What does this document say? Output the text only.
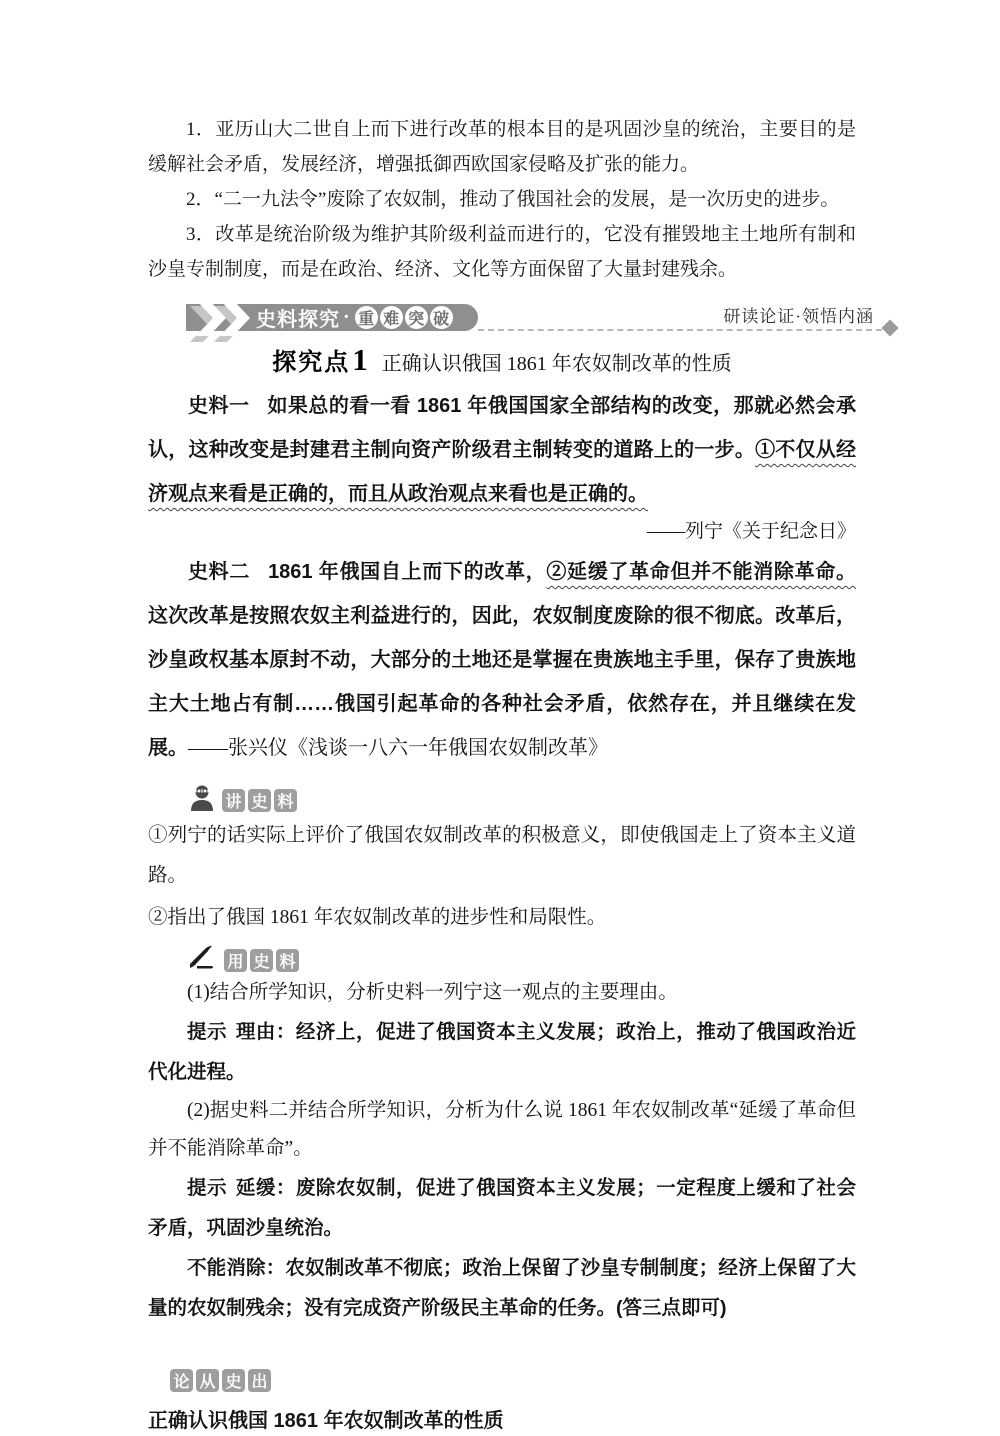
1．亚历山大二世自上而下进行改革的根本目的是巩固沙皇的统治，主要目的是缓解社会矛盾，发展经济，增强抵御西欧国家侵略及扩张的能力。

2．“二一九法令”废除了农奴制，推动了俄国社会的发展，是一次历史的进步。

3．改革是统治阶级为维护其阶级利益而进行的，它没有摧毁地主土地所有制和沙皇专制制度，而是在政治、经济、文化等方面保留了大量封建残余。

史料探究 · 重 难 突 破	研读论证·领悟内涵
探究点1 正确认识俄国 1861 年农奴制改革的性质

史料一 如果总的看一看 1861 年俄国国家全部结构的改变，那就必然会承认，这种改变是封建君主制向资产阶级君主制转变的道路上的一步。①不仅从经济观点来看是正确的，而且从政治观点来看也是正确的。

——列宁《关于纪念日》

史料二 1861 年俄国自上而下的改革，②延缓了革命但并不能消除革命。这次改革是按照农奴主利益进行的，因此，农奴制度废除的很不彻底。改革后，沙皇政权基本原封不动，大部分的土地还是掌握在贵族地主手里，保存了贵族地主大土地占有制……俄国引起革命的各种社会矛盾，依然存在，并且继续在发展。——张兴仪《浅谈一八六一年俄国农奴制改革》

讲 史 料

①列宁的话实际上评价了俄国农奴制改革的积极意义，即使俄国走上了资本主义道路。

②指出了俄国 1861 年农奴制改革的进步性和局限性。

用 史 料

(1)结合所学知识，分析史料一列宁这一观点的主要理由。

提示 理由：经济上，促进了俄国资本主义发展；政治上，推动了俄国政治近代化进程。

(2)据史料二并结合所学知识，分析为什么说 1861 年农奴制改革“延缓了革命但并不能消除革命”。

提示 延缓：废除农奴制，促进了俄国资本主义发展；一定程度上缓和了社会矛盾，巩固沙皇统治。

不能消除：农奴制改革不彻底；政治上保留了沙皇专制制度；经济上保留了大量的农奴制残余；没有完成资产阶级民主革命的任务。(答三点即可)

论 从 史 出

正确认识俄国 1861 年农奴制改革的性质
